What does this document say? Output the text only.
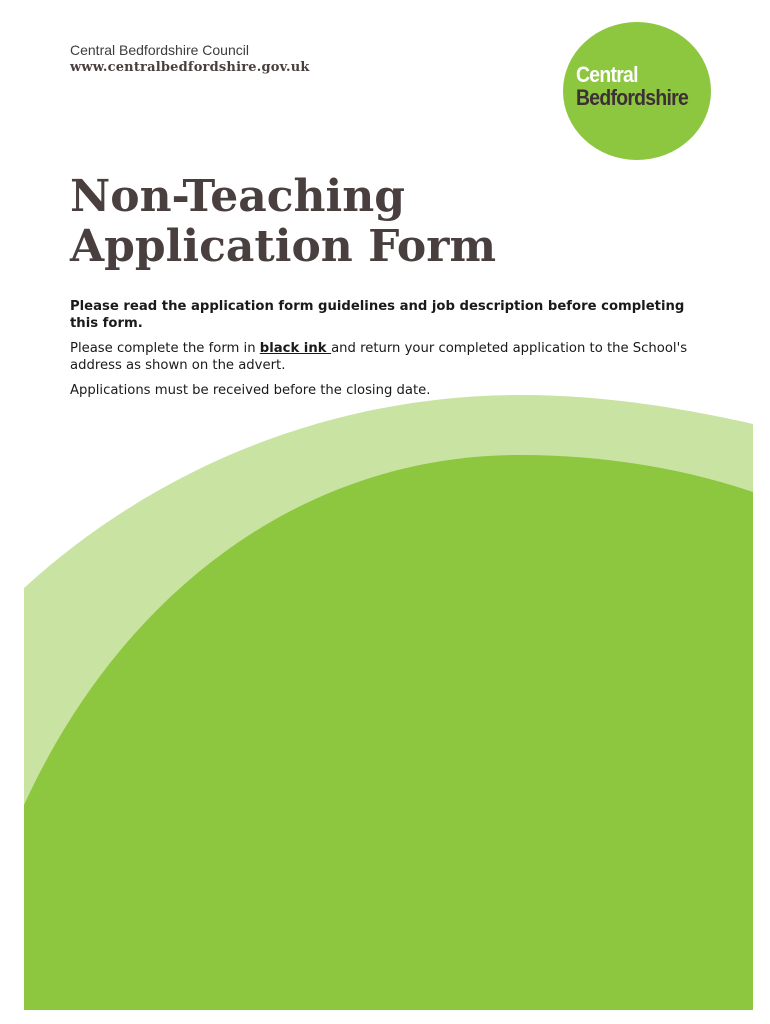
Central Bedfordshire Council
www.centralbedfordshire.gov.uk	Central
Bedfordshire
Non-Teaching
Application Form

Please read the application form guidelines and job description before completing this form.

Please complete the form in black ink and return your completed application to the School's address as shown on the advert.

Applications must be received before the closing date.
